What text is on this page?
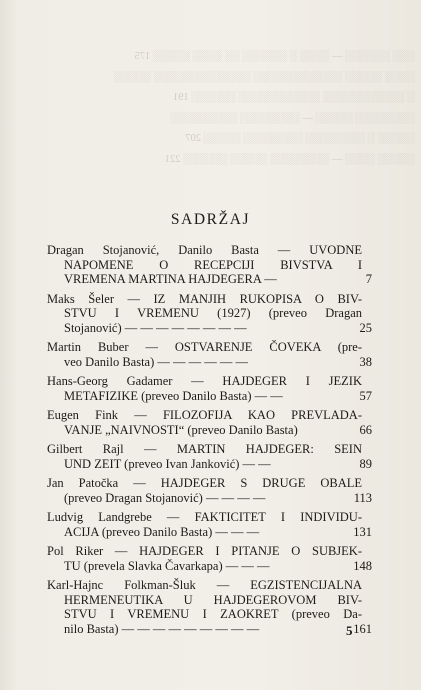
░░░ ░░░░░░ — ░░░░ ░ ░░░░░░ ░░ ░░░░ ░░░░░ 175

░░░░ ░░░░░ ░░░░░░░░░░░░ ░░░░░░░░░░░░░ ░░░░░

░ ░░░░░░░░░░░ ░░░░░░░░░░░ ░░░░░░ 191

░░░░░░░░ ░░░░░ — ░░░░░░░░ ░░░░░░░░░

░░░░░ ░ ░░░░░░░░ ░░░░░░░░ ░░░░░ 207

░░░░░ ░░░░ — ░░░░░░░░ ░░░░░ ░░░░░░ 221

SADRŽAJ
Dragan Stojanović, Danilo Basta — UVODNE
NAPOMENE O RECEPCIJI BIVSTVA I
VREMENA MARTINA HAJDEGERA —	7
Maks Šeler — IZ MANJIH RUKOPISA O BIV-
STVU I VREMENU (1927) (preveo Dragan
Stojanović) — — — — — — — —	25
Martin Buber — OSTVARENJE ČOVEKA (pre-
veo Danilo Basta) — — — — — —	38
Hans-Georg Gadamer — HAJDEGER I JEZIK
METAFIZIKE (preveo Danilo Basta) — —	57
Eugen Fink — FILOZOFIJA KAO PREVLADA-
VANJE „NAIVNOSTI“ (preveo Danilo Basta)	66
Gilbert Rajl — MARTIN HAJDEGER: SEIN
UND ZEIT (preveo Ivan Janković) — —	89
Jan Patočka — HAJDEGER S DRUGE OBALE
(preveo Dragan Stojanović) — — — —	113
Ludvig Landgrebe — FAKTICITET I INDIVIDU-
ACIJA (preveo Danilo Basta) — — —	131
Pol Riker — HAJDEGER I PITANJE O SUBJEK-
TU (prevela Slavka Čavarkapa) — — —	148
Karl-Hajnc Folkman-Šluk — EGZISTENCIJALNA
HERMENEUTIKA U HAJDEGEROVOM BIV-
STVU I VREMENU I ZAOKRET (preveo Da-
nilo Basta) — — — — — — — — —	161
5
